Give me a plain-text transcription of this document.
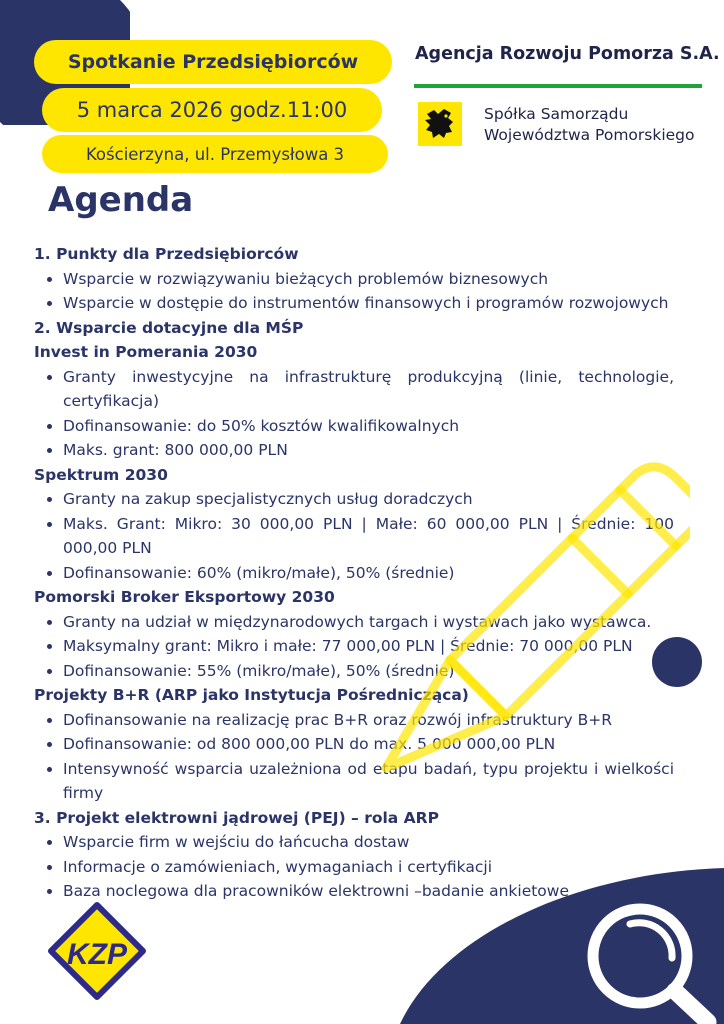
Spotkanie Przedsiębiorców
5 marca 2026 godz.11:00
Kościerzyna, ul. Przemysłowa 3
Agencja Rozwoju Pomorza S.A.
Spółka Samorządu
Województwa Pomorskiego
Agenda
1. Punkty dla Przedsiębiorców
• Wsparcie w rozwiązywaniu bieżących problemów biznesowych
• Wsparcie w dostępie do instrumentów finansowych i programów rozwojowych
2. Wsparcie dotacyjne dla MŚP
Invest in Pomerania 2030
• Granty inwestycyjne na infrastrukturę produkcyjną (linie, technologie, certyfikacja)
• Dofinansowanie: do 50% kosztów kwalifikowalnych
• Maks. grant: 800 000,00 PLN
Spektrum 2030
• Granty na zakup specjalistycznych usług doradczych
• Maks. Grant: Mikro: 30 000,00 PLN | Małe: 60 000,00 PLN | Średnie: 100 000,00 PLN
• Dofinansowanie: 60% (mikro/małe), 50% (średnie)
Pomorski Broker Eksportowy 2030
• Granty na udział w międzynarodowych targach i wystawach jako wystawca.
• Maksymalny grant: Mikro i małe: 77 000,00 PLN | Średnie: 70 000,00 PLN
• Dofinansowanie: 55% (mikro/małe), 50% (średnie)
Projekty B+R (ARP jako Instytucja Pośrednicząca)
• Dofinansowanie na realizację prac B+R oraz rozwój infrastruktury B+R
• Dofinansowanie: od 800 000,00 PLN do max. 5 000 000,00 PLN
• Intensywność wsparcia uzależniona od etapu badań, typu projektu i wielkości firmy
3. Projekt elektrowni jądrowej (PEJ) – rola ARP
• Wsparcie firm w wejściu do łańcucha dostaw
• Informacje o zamówieniach, wymaganiach i certyfikacji
• Baza noclegowa dla pracowników elektrowni –badanie ankietowe
KZP
